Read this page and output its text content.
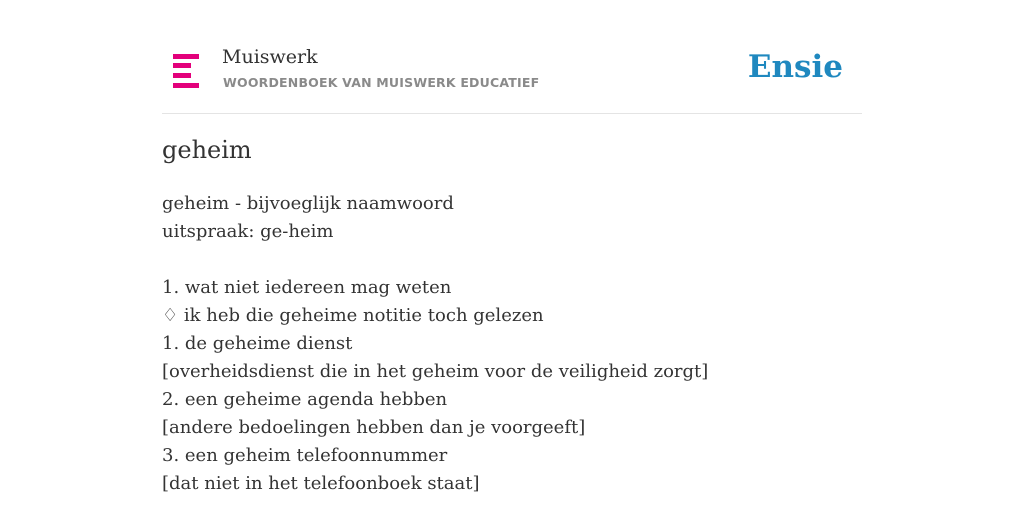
Muiswerk
WOORDENBOEK VAN MUISWERK EDUCATIEF	Ensie
geheim
geheim - bijvoeglijk naamwoord
uitspraak: ge-heim
1. wat niet iedereen mag weten
♢ ik heb die geheime notitie toch gelezen
1. de geheime dienst
[overheidsdienst die in het geheim voor de veiligheid zorgt]
2. een geheime agenda hebben
[andere bedoelingen hebben dan je voorgeeft]
3. een geheim telefoonnummer
[dat niet in het telefoonboek staat]
